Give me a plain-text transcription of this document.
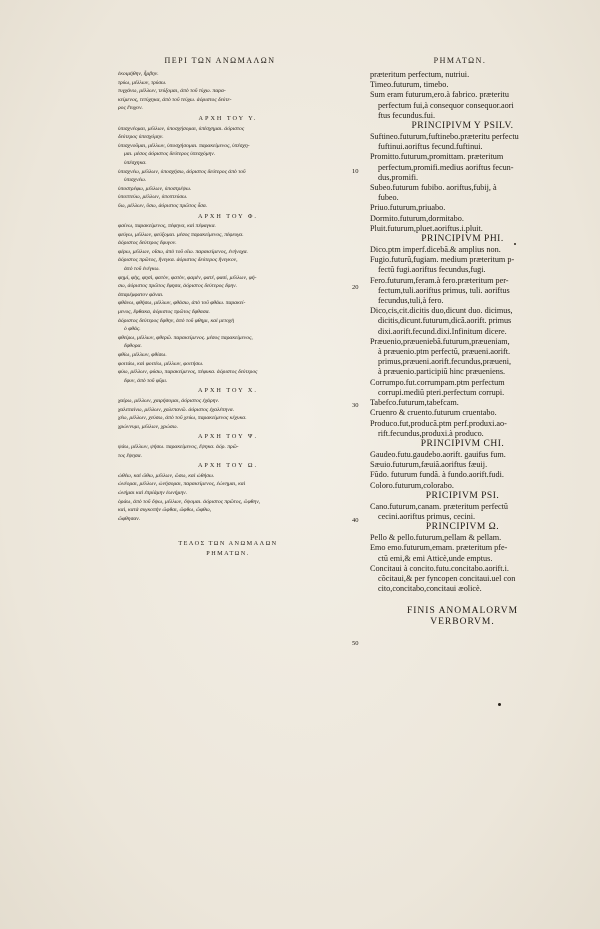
ΠΕΡΙ ΤΩΝ ΑΝΩΜΑΛΩΝ	ΡΗΜΑΤΩΝ.
ἐκοιμήθην, ἦμβην.
τρύω, μέλλων, τρύσω.
τυγχάνω, μέλλων, τεύξομαι, ἀπὸ τοῦ τύχω. παρα-
κείμενος, τετύχηκα, ἀπὸ τοῦ τεύχω. ἀόριστος δεύτε-
ρος ἔτυχον.
ΑΡΧΗ ΤΟΥ Υ.
ὑπισχνέομαι, μέλλων, ὑποσχήσομαι, ὑπέσχημαι. ἀόριστος
δεύτερος ὑπεσχόμην.
ὑπισχνοῦμαι, μέλλων, ὑποσχήσομαι. παρακείμενος, ὑπέσχη-
μαι. μέσος ἀόριστος δεύτερος ὑπεσχόμην.
ὑπέσχηκα.
ὑπισχνέω, μέλλων, ὑποσχήσω, ἀόριστος δεύτερος ἀπὸ τοῦ
ὑπισχνέω.
ὑποστρέφω, μέλλων, ὑποστρέψω.
ὑποπτεύω, μέλλων, ὑποπτεύσω.
ὕω, μέλλων, ὕσω, ἀόριστος πρῶτος ὗσα.
ΑΡΧΗ ΤΟΥ Φ.
φαίνω, παρακείμενος, πέφηνα, καὶ πέφαγκα.
φεύγω, μέλλων, φεύξομαι. μέσος παρακείμενος, πέφευγα.
ἀόριστος δεύτερος ἔφυγον.
φέρω, μέλλων, οἴσω, ἀπὸ τοῦ οἴω. παρακείμενος, ἐνήνοχα.
ἀόριστος πρῶτος, ἤνεγκα. ἀόριστος δεύτερος ἤνεγκον,
ἀπὸ τοῦ ἐνέγκω.
φημί, φὴς, φησὶ, φατὸν, φατὸν, φαμὲν, φατέ, φασί, μέλλων, φή-
σω, ἀόριστος πρῶτος ἔφησα, ἀόριστος δεύτερος ἔφην.
ἀπαρέμφατον φάναι.
φθάνω, φθήσω, μέλλων, φθάσω, ἀπὸ τοῦ φθάω. παρακεί-
μενος, ἔφθακα, ἀόριστος πρῶτος ἔφθασα.
ἀόριστος δεύτερος ἔφθην, ἀπὸ τοῦ φθημι, καὶ μετοχὴ
ὁ φθάς.
φθείρω, μέλλων, φθερῶ. παρακείμενος. μέσος παρακείμενος,
ἔφθορα.
φθίω, μέλλων, φθίσω.
φοιτάω, καὶ φοιτέω, μέλλων, φοιτήσω.
φύω, μέλλων, φύσω, παρακείμενος, πέφυκα. ἀόριστος δεύτερος
ἔφυν, ἀπὸ τοῦ φῦμι.
ΑΡΧΗ ΤΟΥ Χ.
χαίρω, μέλλων, χαιρήσομαι, ἀόριστος ἐχάρην.
χαλεπαίνω, μέλλων, χαλεπανῶ. ἀόριστος ἐχαλέπηνα.
χέω, μέλλων, χεύσω, ἀπὸ τοῦ χεύω, παρακείμενος κέχυκα.
χρώννυμι, μέλλων, χρώσω.
ΑΡΧΗ ΤΟΥ Ψ.
ψάω, μέλλων, ψήσω. παρακείμενος, ἔψηκα. ἀόρ. πρῶ-
τος ἔψησα.
ΑΡΧΗ ΤΟΥ Ω.
ὠθέω, καὶ ὤθω, μέλλων, ὤσω, καὶ ὠθήσω.
ὠνέομαι, μέλλων, ὠνήσομαι, παρακείμενος, ἐώνημαι, καὶ
ὠνήμαι καὶ ἐπρίάμην ἐωνήμην.
ὁράω, ἀπὸ τοῦ ὄψω, μέλλων, ὄψομαι. ἀόριστος πρῶτος, ὤφθην,
καὶ, κατὰ συγκοπὴν ὤφθαι, ὤφθω, ὤφθω,
ὤφθησαν.
ΤΕΛΟΣ ΤΩΝ ΑΝΩΜΑΛΩΝ
ΡΗΜΑΤΩΝ.
præteritum perfectum, nutriui.
Timeo.futurum, timebo.
Sum eram futurum,ero.à fabrico. præteritu
perfectum fui,à consequor consequor.aori
ftus fecundus.fui.
PRINCIPIVM Y PSILV.
Suftineo.futurum,fuftinebo.præteritu perfectu
fuftinui.aoriftus fecund.fuftinui.
Promitto.futurum,promittam. præteritum
perfectum,promifi.medius aoriftus fecun-
dus,promifi.
Subeo.futurum fubibo. aoriftus,fubij, à
fubeo.
Priuo.futurum,priuabo.
Dormito.futurum,dormitabo.
Pluit.futurum,pluet.aoriftus.i.pluit.
PRINCIPIVM PHI.
Dico.ptm imperf.dicebã.& amplius non.
Fugio.futurũ,fugiam. medium præteritum p-
fectũ fugi.aoriftus fecundus,fugi.
Fero.futurum,feram.à fero.præteritum per-
fectum,tuli.aoriftus primus, tuli. aoriftus
fecundus,tuli,à fero.
Dico,cis,cit.dicitis duo,dicunt duo. dicimus,
dicitis,dicunt.futurum,dicã.aorift. primus
dixi.aorift.fecund.dixi.Infinitum dicere.
Præuenio,præueniebã.futurum,præueniam,
à præuenio.ptm perfectũ, præueni.aorift.
primus,præueni.aorift.fecundus,præueni,
à præuenio.participiũ hinc præueniens.
Corrumpo.fut.corrumpam.ptm perfectum
corrupi.mediũ pteri.perfectum corrupi.
Tabefco.futurum,tabefcam.
Cruenro & cruento.futurum cruentabo.
Produco.fut,producã.ptm perf.produxi.ao-
rift.fecundus,produxi.à produco.
PRINCIPIVM CHI.
Gaudeo.futu.gaudebo.aorift. gauifus fum.
Sæuio.futurum,fæuiã.aoriftus fæuij.
Fũdo. futurum fundã. à fundo.aorift.fudi.
Coloro.futurum,colorabo.
PRICIPIVM PSI.
Cano.futurum,canam. præteritum perfectũ
cecini.aoriftus primus, cecini.
PRINCIPIVM Ω.
Pello & pello.futurum,pellam & pellam.
Emo emo.futurum,emam. præteritum pfe-
ctũ emi,& emi Atticè,unde emptus.
Concitaui à concito.futu.concitabo.aorift.i.
cõcitaui,& per fyncopen concitaui.uel con
cito,concitabo,concitaui æolicè.
FINIS ANOMALORVM
VERBORVM.
10
20
30
40
50
